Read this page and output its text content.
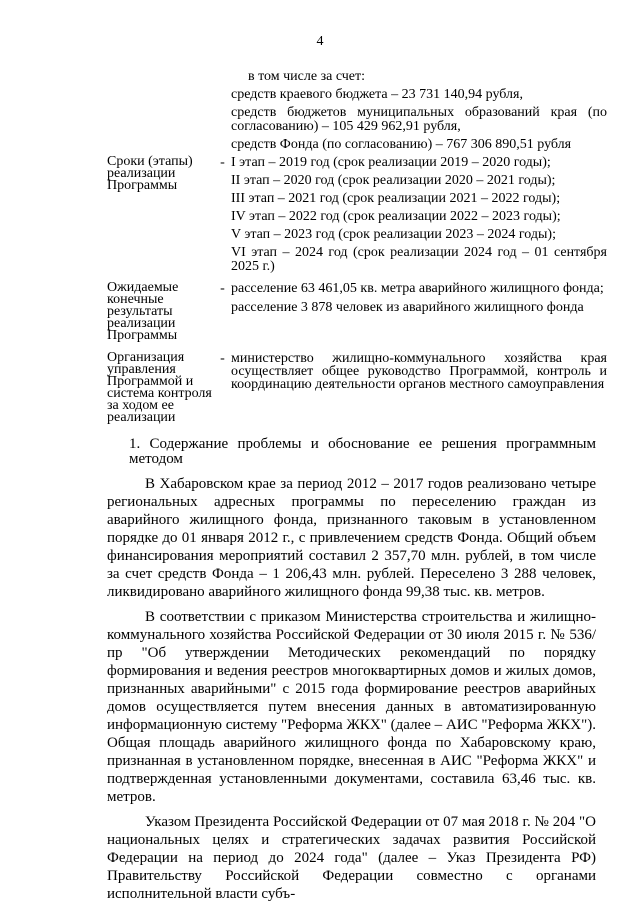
4
в том числе за счет:
средств краевого бюджета – 23 731 140,94 рубля,
средств бюджетов муниципальных образований края (по согласованию) – 105 429 962,91 рубля,
средств Фонда (по согласованию) – 767 306 890,51 рубля
Сроки (этапы) реализации Программы
- I этап – 2019 год (срок реализации 2019 – 2020 годы);
II этап – 2020 год (срок реализации 2020 – 2021 годы);
III этап – 2021 год (срок реализации 2021 – 2022 годы);
IV этап – 2022 год (срок реализации 2022 – 2023 годы);
V этап – 2023 год (срок реализации 2023 – 2024 годы);
VI этап – 2024 год (срок реализации 2024 год – 01 сентября 2025 г.)
Ожидаемые конечные результаты реализации Программы
- расселение 63 461,05 кв. метра аварийного жилищного фонда;
расселение 3 878 человек из аварийного жилищного фонда
Организация управления Программой и система контроля за ходом ее реализации
- министерство жилищно-коммунального хозяйства края осуществляет общее руководство Программой, контроль и координацию деятельности органов местного самоуправления
1. Содержание проблемы и обоснование ее решения программным методом

В Хабаровском крае за период 2012 – 2017 годов реализовано четыре региональных адресных программы по переселению граждан из аварийного жилищного фонда, признанного таковым в установленном порядке до 01 января 2012 г., с привлечением средств Фонда. Общий объем финансирования мероприятий составил 2 357,70 млн. рублей, в том числе за счет средств Фонда – 1 206,43 млн. рублей. Переселено 3 288 человек, ликвидировано аварийного жилищного фонда 99,38 тыс. кв. метров.

В соответствии с приказом Министерства строительства и жилищно-коммунального хозяйства Российской Федерации от 30 июля 2015 г. № 536/пр "Об утверждении Методических рекомендаций по порядку формирования и ведения реестров многоквартирных домов и жилых домов, признанных аварийными" с 2015 года формирование реестров аварийных домов осуществляется путем внесения данных в автоматизированную информационную систему "Реформа ЖКХ" (далее – АИС "Реформа ЖКХ"). Общая площадь аварийного жилищного фонда по Хабаровскому краю, признанная в установленном порядке, внесенная в АИС "Реформа ЖКХ" и подтвержденная установленными документами, составила 63,46 тыс. кв. метров.

Указом Президента Российской Федерации от 07 мая 2018 г. № 204 "О национальных целях и стратегических задачах развития Российской Федерации на период до 2024 года" (далее – Указ Президента РФ) Правительству Российской Федерации совместно с органами исполнительной власти субъ-
